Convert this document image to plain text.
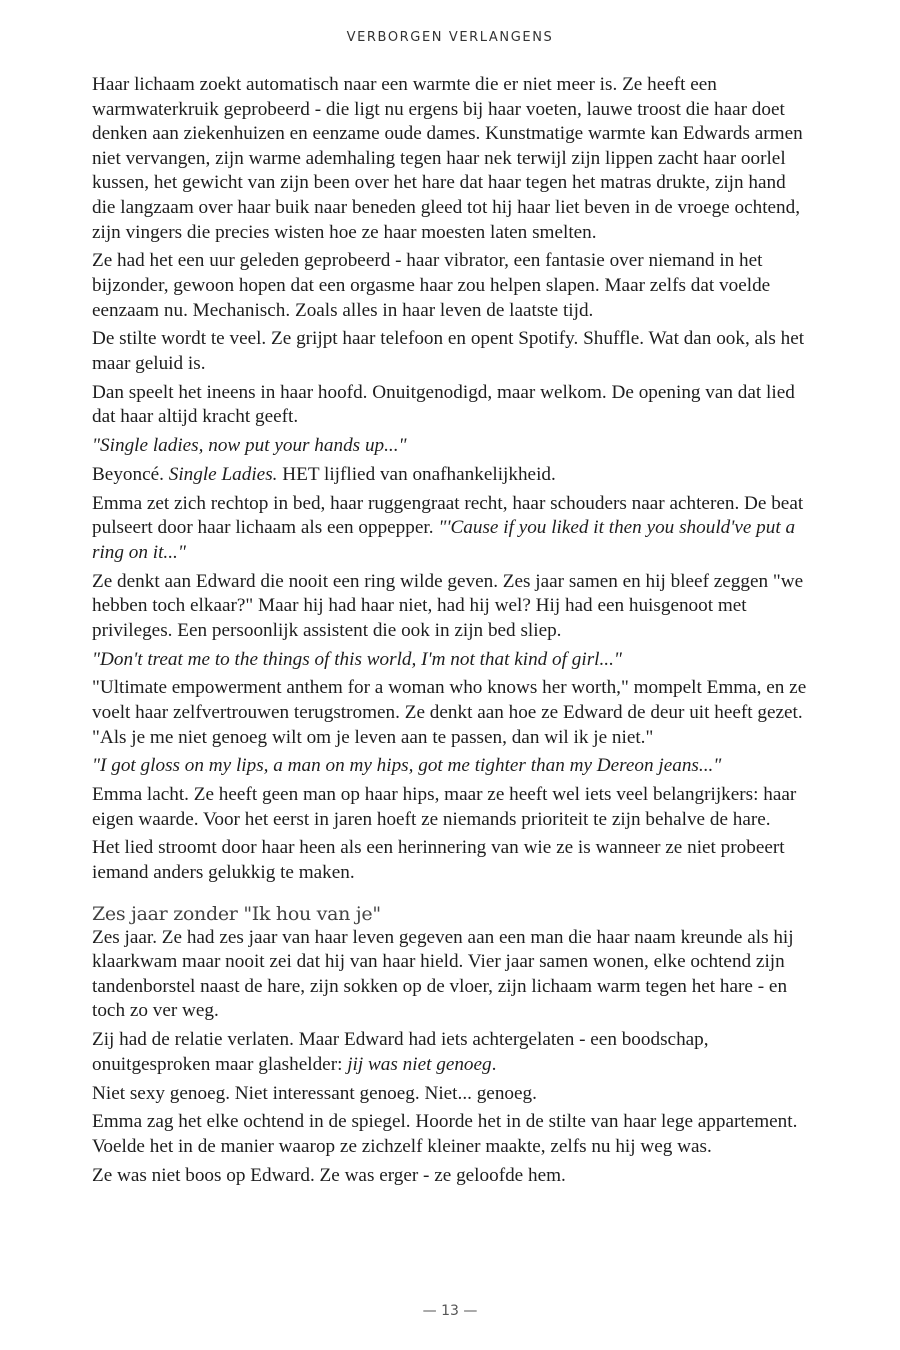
VERBORGEN VERLANGENS

Haar lichaam zoekt automatisch naar een warmte die er niet meer is. Ze heeft een warmwaterkruik geprobeerd - die ligt nu ergens bij haar voeten, lauwe troost die haar doet denken aan ziekenhuizen en eenzame oude dames. Kunstmatige warmte kan Edwards armen niet vervangen, zijn warme ademhaling tegen haar nek terwijl zijn lippen zacht haar oorlel kussen, het gewicht van zijn been over het hare dat haar tegen het matras drukte, zijn hand die langzaam over haar buik naar beneden gleed tot hij haar liet beven in de vroege ochtend, zijn vingers die precies wisten hoe ze haar moesten laten smelten.

Ze had het een uur geleden geprobeerd - haar vibrator, een fantasie over niemand in het bijzonder, gewoon hopen dat een orgasme haar zou helpen slapen. Maar zelfs dat voelde eenzaam nu. Mechanisch. Zoals alles in haar leven de laatste tijd.

De stilte wordt te veel. Ze grijpt haar telefoon en opent Spotify. Shuffle. Wat dan ook, als het maar geluid is.

Dan speelt het ineens in haar hoofd. Onuitgenodigd, maar welkom. De opening van dat lied dat haar altijd kracht geeft.

"Single ladies, now put your hands up..."

Beyoncé. Single Ladies. HET lijflied van onafhankelijkheid.

Emma zet zich rechtop in bed, haar ruggengraat recht, haar schouders naar achteren. De beat pulseert door haar lichaam als een oppepper. "'Cause if you liked it then you should've put a ring on it..."

Ze denkt aan Edward die nooit een ring wilde geven. Zes jaar samen en hij bleef zeggen "we hebben toch elkaar?" Maar hij had haar niet, had hij wel? Hij had een huisgenoot met privileges. Een persoonlijk assistent die ook in zijn bed sliep.

"Don't treat me to the things of this world, I'm not that kind of girl..."

"Ultimate empowerment anthem for a woman who knows her worth," mompelt Emma, en ze voelt haar zelfvertrouwen terugstromen. Ze denkt aan hoe ze Edward de deur uit heeft gezet. "Als je me niet genoeg wilt om je leven aan te passen, dan wil ik je niet."

"I got gloss on my lips, a man on my hips, got me tighter than my Dereon jeans..."

Emma lacht. Ze heeft geen man op haar hips, maar ze heeft wel iets veel belangrijkers: haar eigen waarde. Voor het eerst in jaren hoeft ze niemands prioriteit te zijn behalve de hare.

Het lied stroomt door haar heen als een herinnering van wie ze is wanneer ze niet probeert iemand anders gelukkig te maken.

Zes jaar zonder "Ik hou van je"

Zes jaar. Ze had zes jaar van haar leven gegeven aan een man die haar naam kreunde als hij klaarkwam maar nooit zei dat hij van haar hield. Vier jaar samen wonen, elke ochtend zijn tandenborstel naast de hare, zijn sokken op de vloer, zijn lichaam warm tegen het hare - en toch zo ver weg.

Zij had de relatie verlaten. Maar Edward had iets achtergelaten - een boodschap, onuitgesproken maar glashelder: jij was niet genoeg.

Niet sexy genoeg. Niet interessant genoeg. Niet... genoeg.

Emma zag het elke ochtend in de spiegel. Hoorde het in de stilte van haar lege appartement. Voelde het in de manier waarop ze zichzelf kleiner maakte, zelfs nu hij weg was.

Ze was niet boos op Edward. Ze was erger - ze geloofde hem.

— 13 —
